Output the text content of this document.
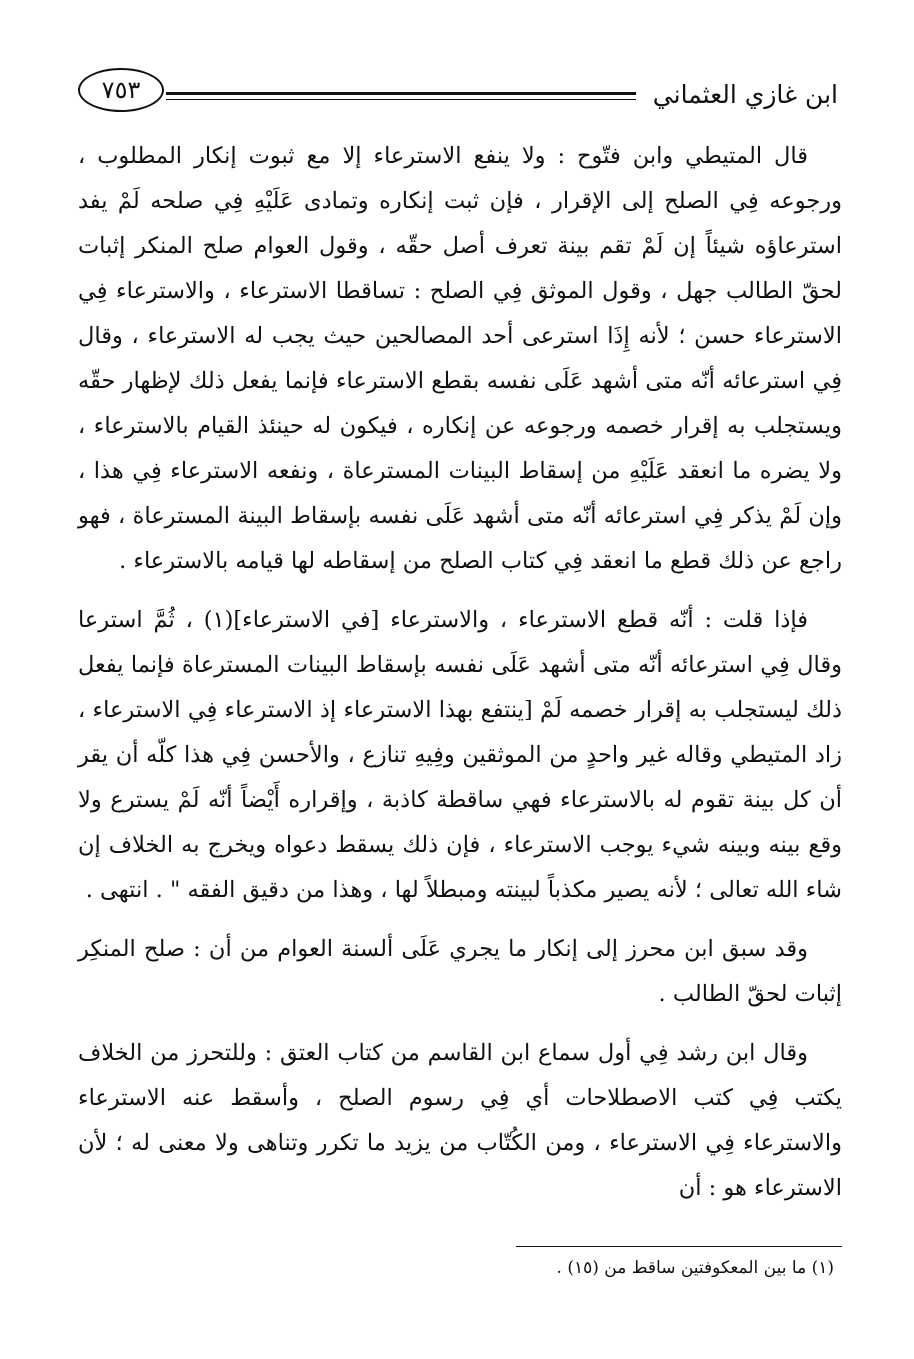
ابن غازي العثماني
٧٥٣

قال المتيطي وابن فتّوح : ولا ينفع الاسترعاء إلا مع ثبوت إنكار المطلوب ، ورجوعه فِي الصلح إلى الإقرار ، فإن ثبت إنكاره وتمادى عَلَيْهِ فِي صلحه لَمْ يفد استرعاؤه شيئاً إن لَمْ تقم بينة تعرف أصل حقّه ، وقول العوام صلح المنكر إثبات لحقّ الطالب جهل ، وقول الموثق فِي الصلح : تساقطا الاسترعاء ، والاسترعاء فِي الاسترعاء حسن ؛ لأنه إِذَا استرعى أحد المصالحين حيث يجب له الاسترعاء ، وقال فِي استرعائه أنّه متى أشهد عَلَى نفسه بقطع الاسترعاء فإنما يفعل ذلك لإظهار حقّه ويستجلب به إقرار خصمه ورجوعه عن إنكاره ، فيكون له حينئذ القيام بالاسترعاء ، ولا يضره ما انعقد عَلَيْهِ من إسقاط البينات المسترعاة ، ونفعه الاسترعاء فِي هذا ، وإن لَمْ يذكر فِي استرعائه أنّه متى أشهد عَلَى نفسه بإسقاط البينة المسترعاة ، فهو راجع عن ذلك قطع ما انعقد فِي كتاب الصلح من إسقاطه لها قيامه بالاسترعاء .

فإذا قلت : أنّه قطع الاسترعاء ، والاسترعاء [في الاسترعاء](١) ، ثُمَّ استرعا وقال فِي استرعائه أنّه متى أشهد عَلَى نفسه بإسقاط البينات المسترعاة فإنما يفعل ذلك ليستجلب به إقرار خصمه لَمْ [ينتفع بهذا الاسترعاء إذ الاسترعاء فِي الاسترعاء ، زاد المتيطي وقاله غير واحدٍ من الموثقين وفِيهِ تنازع ، والأحسن فِي هذا كلّه أن يقر أن كل بينة تقوم له بالاسترعاء فهي ساقطة كاذبة ، وإقراره أَيْضاً أنّه لَمْ يسترع ولا وقع بينه وبينه شيء يوجب الاسترعاء ، فإن ذلك يسقط دعواه ويخرج به الخلاف إن شاء الله تعالى ؛ لأنه يصير مكذباً لبينته ومبطلاً لها ، وهذا من دقيق الفقه " . انتهى .

وقد سبق ابن محرز إلى إنكار ما يجري عَلَى ألسنة العوام من أن : صلح المنكِر إثبات لحقّ الطالب .

وقال ابن رشد فِي أول سماع ابن القاسم من كتاب العتق : وللتحرز من الخلاف يكتب فِي كتب الاصطلاحات أي فِي رسوم الصلح ، وأسقط عنه الاسترعاء والاسترعاء فِي الاسترعاء ، ومن الكُتّاب من يزيد ما تكرر وتناهى ولا معنى له ؛ لأن الاسترعاء هو : أن

(١) ما بين المعكوفتين ساقط من (١٥) .
